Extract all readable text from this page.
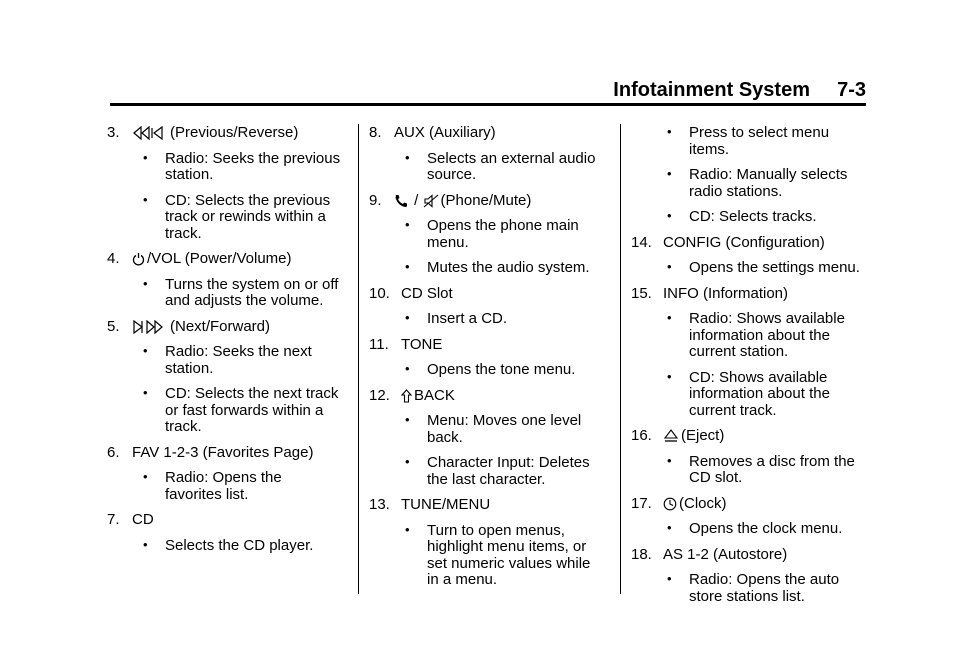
Infotainment System 7-3
3.	(Previous/Reverse)
• Radio: Seeks the previous station.
• CD: Selects the previous track or rewinds within a track.
4.	/VOL (Power/Volume)
• Turns the system on or off and adjusts the volume.
5.	(Next/Forward)
• Radio: Seeks the next station.
• CD: Selects the next track or fast forwards within a track.
6. FAV 1-2-3 (Favorites Page)
• Radio: Opens the favorites list.
7. CD
• Selects the CD player.
8. AUX (Auxiliary)
• Selects an external audio source.
9.	/ (Phone/Mute)
• Opens the phone main menu.
• Mutes the audio system.
10. CD Slot
• Insert a CD.
11. TONE
• Opens the tone menu.
12.	BACK
• Menu: Moves one level back.
• Character Input: Deletes the last character.
13. TUNE/MENU
• Turn to open menus, highlight menu items, or set numeric values while in a menu.
• Press to select menu items.
• Radio: Manually selects radio stations.
• CD: Selects tracks.
14. CONFIG (Configuration)
• Opens the settings menu.
15. INFO (Information)
• Radio: Shows available information about the current station.
• CD: Shows available information about the current track.
16.	(Eject)
• Removes a disc from the CD slot.
17.	(Clock)
• Opens the clock menu.
18. AS 1-2 (Autostore)
• Radio: Opens the auto store stations list.
